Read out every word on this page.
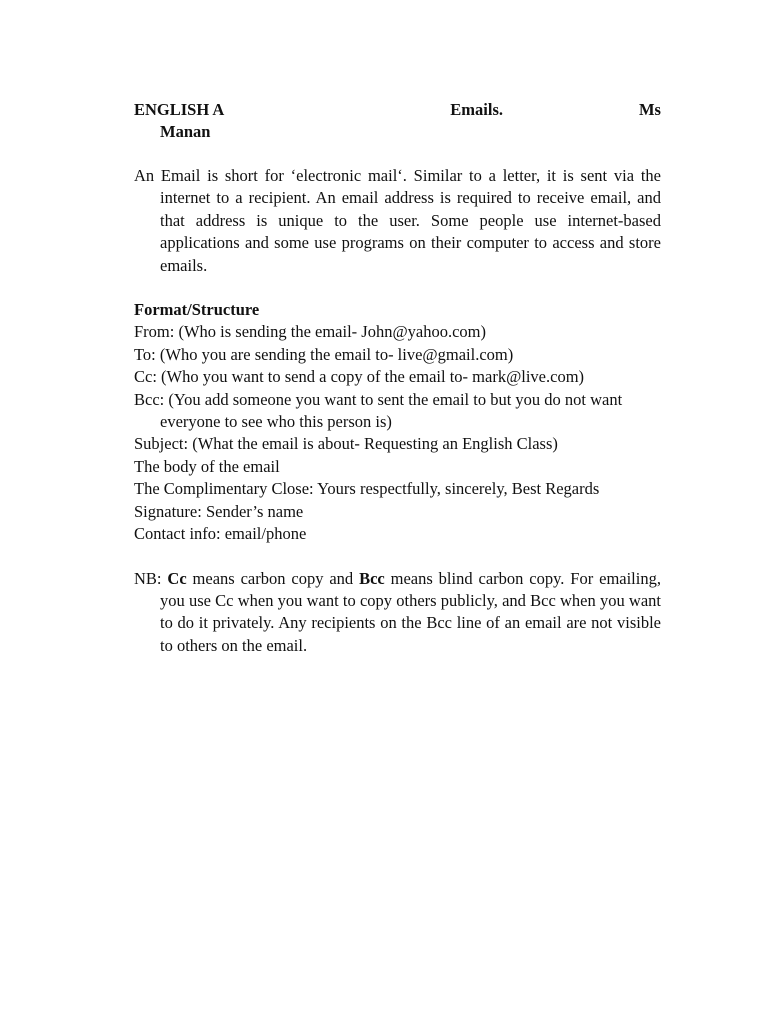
ENGLISH A	Emails.	Ms
Manan

An Email is short for ‘electronic mail‘. Similar to a letter, it is sent via the internet to a recipient. An email address is required to receive email, and that address is unique to the user. Some people use internet-based applications and some use programs on their computer to access and store emails.

Format/Structure

From: (Who is sending the email- John@yahoo.com)

To: (Who you are sending the email to- live@gmail.com)

Cc: (Who you want to send a copy of the email to- mark@live.com)

Bcc: (You add someone you want to sent the email to but you do not want everyone to see who this person is)

Subject: (What the email is about- Requesting an English Class)

The body of the email

The Complimentary Close: Yours respectfully, sincerely, Best Regards

Signature: Sender’s name

Contact info: email/phone

NB: Cc means carbon copy and Bcc means blind carbon copy. For emailing, you use Cc when you want to copy others publicly, and Bcc when you want to do it privately. Any recipients on the Bcc line of an email are not visible to others on the email.
